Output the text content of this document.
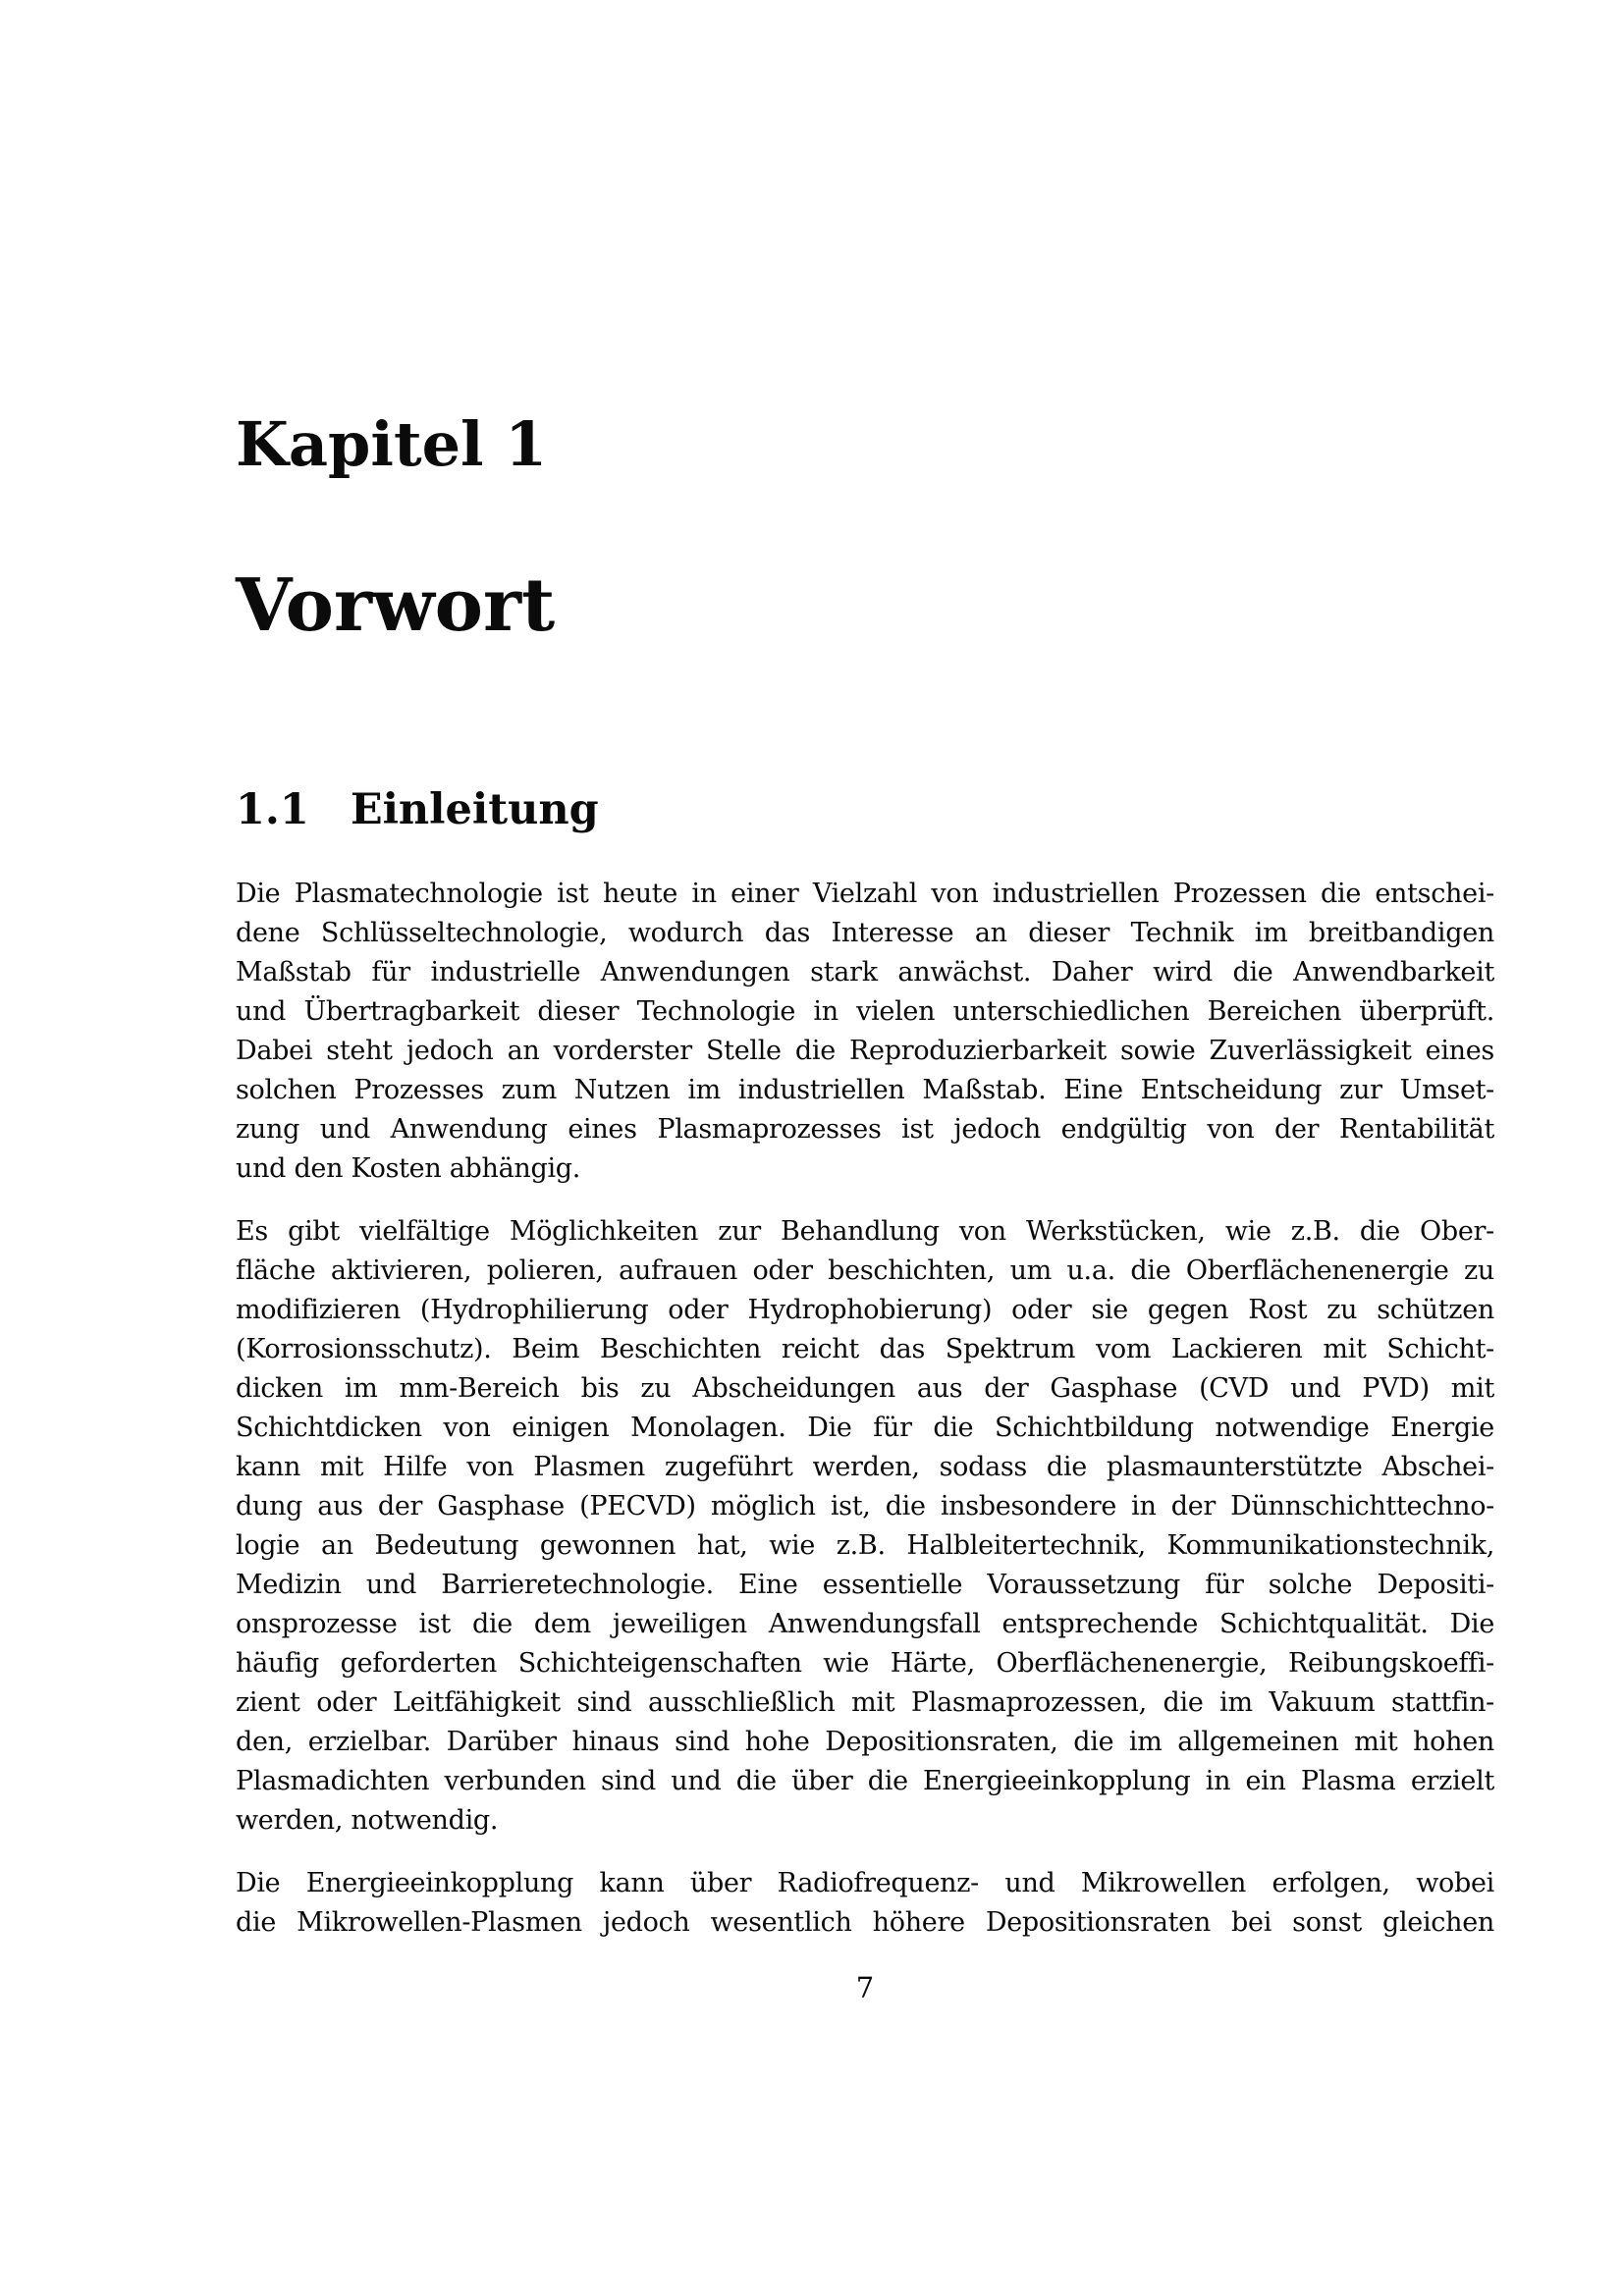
Kapitel 1
Vorwort
1.1 Einleitung
Die Plasmatechnologie ist heute in einer Vielzahl von industriellen Prozessen die entschei-
dene Schlüsseltechnologie, wodurch das Interesse an dieser Technik im breitbandigen
Maßstab für industrielle Anwendungen stark anwächst. Daher wird die Anwendbarkeit
und Übertragbarkeit dieser Technologie in vielen unterschiedlichen Bereichen überprüft.
Dabei steht jedoch an vorderster Stelle die Reproduzierbarkeit sowie Zuverlässigkeit eines
solchen Prozesses zum Nutzen im industriellen Maßstab. Eine Entscheidung zur Umset-
zung und Anwendung eines Plasmaprozesses ist jedoch endgültig von der Rentabilität
und den Kosten abhängig.
Es gibt vielfältige Möglichkeiten zur Behandlung von Werkstücken, wie z.B. die Ober-
fläche aktivieren, polieren, aufrauen oder beschichten, um u.a. die Oberflächenenergie zu
modifizieren (Hydrophilierung oder Hydrophobierung) oder sie gegen Rost zu schützen
(Korrosionsschutz). Beim Beschichten reicht das Spektrum vom Lackieren mit Schicht-
dicken im mm-Bereich bis zu Abscheidungen aus der Gasphase (CVD und PVD) mit
Schichtdicken von einigen Monolagen. Die für die Schichtbildung notwendige Energie
kann mit Hilfe von Plasmen zugeführt werden, sodass die plasmaunterstützte Abschei-
dung aus der Gasphase (PECVD) möglich ist, die insbesondere in der Dünnschichttechno-
logie an Bedeutung gewonnen hat, wie z.B. Halbleitertechnik, Kommunikationstechnik,
Medizin und Barrieretechnologie. Eine essentielle Voraussetzung für solche Depositi-
onsprozesse ist die dem jeweiligen Anwendungsfall entsprechende Schichtqualität. Die
häufig geforderten Schichteigenschaften wie Härte, Oberflächenenergie, Reibungskoeffi-
zient oder Leitfähigkeit sind ausschließlich mit Plasmaprozessen, die im Vakuum stattfin-
den, erzielbar. Darüber hinaus sind hohe Depositionsraten, die im allgemeinen mit hohen
Plasmadichten verbunden sind und die über die Energieeinkopplung in ein Plasma erzielt
werden, notwendig.
Die Energieeinkopplung kann über Radiofrequenz- und Mikrowellen erfolgen, wobei
die Mikrowellen-Plasmen jedoch wesentlich höhere Depositionsraten bei sonst gleichen
7
